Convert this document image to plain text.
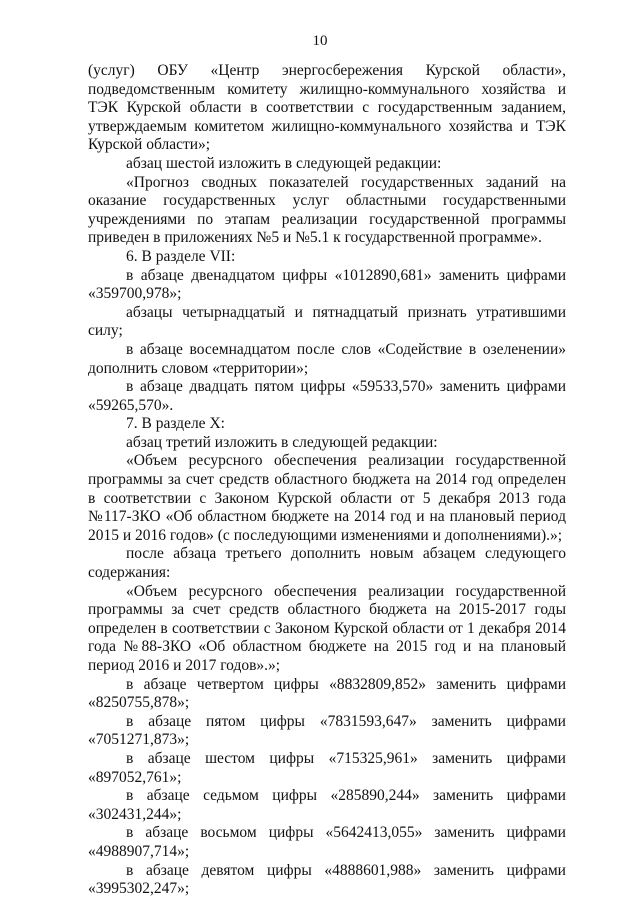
10

(услуг) ОБУ «Центр энергосбережения Курской области», подведомственным комитету жилищно-коммунального хозяйства и ТЭК Курской области в соответствии с государственным заданием, утверждаемым комитетом жилищно-коммунального хозяйства и ТЭК Курской области»;

абзац шестой изложить в следующей редакции:

«Прогноз сводных показателей государственных заданий на оказание государственных услуг областными государственными учреждениями по этапам реализации государственной программы приведен в приложениях №5 и №5.1 к государственной программе».

6. В разделе VII:

в абзаце двенадцатом цифры «1012890,681» заменить цифрами «359700,978»;

абзацы четырнадцатый и пятнадцатый признать утратившими силу;

в абзаце восемнадцатом после слов «Содействие в озеленении» дополнить словом «территории»;

в абзаце двадцать пятом цифры «59533,570» заменить цифрами «59265,570».

7. В разделе X:

абзац третий изложить в следующей редакции:

«Объем ресурсного обеспечения реализации государственной программы за счет средств областного бюджета на 2014 год определен в соответствии с Законом Курской области от 5 декабря 2013 года №117-ЗКО «Об областном бюджете на 2014 год и на плановый период 2015 и 2016 годов» (с последующими изменениями и дополнениями).»;

после абзаца третьего дополнить новым абзацем следующего содержания:

«Объем ресурсного обеспечения реализации государственной программы за счет средств областного бюджета на 2015-2017 годы определен в соответствии с Законом Курской области от 1 декабря 2014 года №88-ЗКО «Об областном бюджете на 2015 год и на плановый период 2016 и 2017 годов».»;

в абзаце четвертом цифры «8832809,852» заменить цифрами
«8250755,878»;
в абзаце пятом цифры «7831593,647» заменить цифрами
«7051271,873»;
в абзаце шестом цифры «715325,961» заменить цифрами
«897052,761»;
в абзаце седьмом цифры «285890,244» заменить цифрами
«302431,244»;
в абзаце восьмом цифры «5642413,055» заменить цифрами
«4988907,714»;
в абзаце девятом цифры «4888601,988» заменить цифрами
«3995302,247»;
